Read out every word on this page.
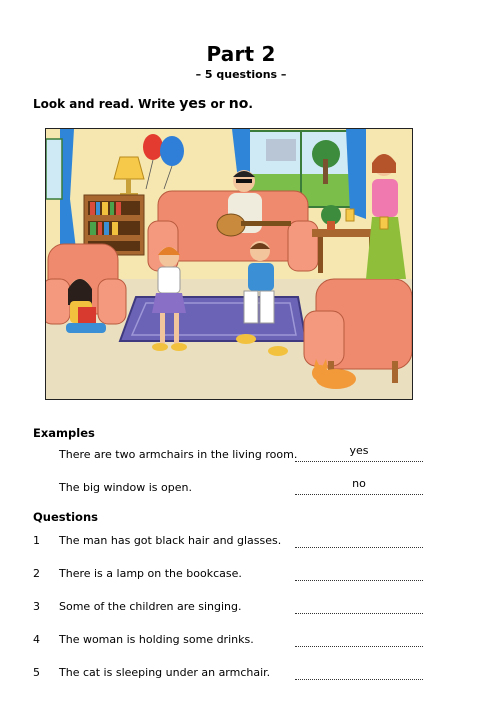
Part 2
– 5 questions –
Look and read. Write yes or no.
Examples
There are two armchairs in the living room.	yes
The big window is open.	no
Questions
1 The man has got black hair and glasses.
2 There is a lamp on the bookcase.
3 Some of the children are singing.
4 The woman is holding some drinks.
5 The cat is sleeping under an armchair.
